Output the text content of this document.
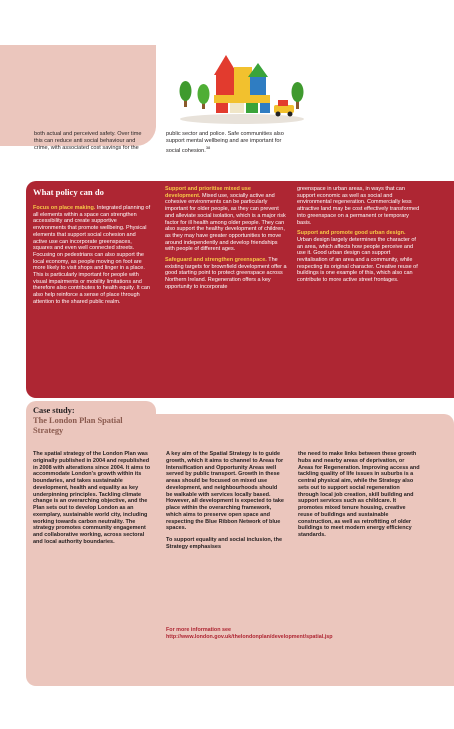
both actual and perceived safety. Over time this can reduce anti social behaviour and crime, with associated cost savings for the
public sector and police. Safe communities also support mental wellbeing and are important for social cohesion.$^{38}$
What policy can do

Focus on place making. Integrated planning of all elements within a space can strengthen accessibility and create supportive environments that promote wellbeing. Physical elements that support social cohesion and active use can incorporate greenspaces, squares and even well connected streets. Focusing on pedestrians can also support the local economy, as people moving on foot are more likely to visit shops and linger in a place. This is particularly important for people with visual impairments or mobility limitations and therefore also contributes to health equity. It can also help reinforce a sense of place through attention to the shared public realm.

Support and prioritise mixed use development. Mixed use, socially active and cohesive environments can be particularly important for older people, as they can prevent and alleviate social isolation, which is a major risk factor for ill health among older people. They can also support the healthy development of children, as they may have greater opportunities to move around independently and develop friendships with people of different ages.

Safeguard and strengthen greenspace. The existing targets for brownfield development offer a good starting point to protect greenspace across Northern Ireland. Regeneration offers a key opportunity to incorporate

greenspace in urban areas, in ways that can support economic as well as social and environmental regeneration. Commercially less attractive land may be cost effectively transformed into greenspace on a permanent or temporary basis.

Support and promote good urban design. Urban design largely determines the character of an area, which affects how people perceive and use it. Good urban design can support revitalisation of an area and a community, while respecting its original character. Creative reuse of buildings is one example of this, which also can contribute to more active street frontages.

Case study:
The London Plan Spatial Strategy

The spatial strategy of the London Plan was originally published in 2004 and republished in 2008 with alterations since 2004. It aims to accommodate London's growth within its boundaries, and takes sustainable development, health and equality as key underpinning principles. Tackling climate change is an overarching objective, and the Plan sets out to develop London as an exemplary, sustainable world city, including working towards carbon neutrality. The strategy promotes community engagement and collaborative working, across sectoral and local authority boundaries.

A key aim of the Spatial Strategy is to guide growth, which it aims to channel to Areas for Intensification and Opportunity Areas well served by public transport. Growth in these areas should be focused on mixed use development, and neighbourhoods should be walkable with services locally based. However, all development is expected to take place within the overarching framework, which aims to preserve open space and respecting the Blue Ribbon Network of blue spaces.

To support equality and social inclusion, the Strategy emphasises

the need to make links between these growth hubs and nearby areas of deprivation, or Areas for Regeneration. Improving access and tackling quality of life issues in suburbs is a central physical aim, while the Strategy also sets out to support social regeneration through local job creation, skill building and support services such as childcare. It promotes mixed tenure housing, creative reuse of buildings and sustainable construction, as well as retrofitting of older buildings to meet modern energy efficiency standards.

For more information see
http://www.london.gov.uk/thelondonplan/development/spatial.jsp
